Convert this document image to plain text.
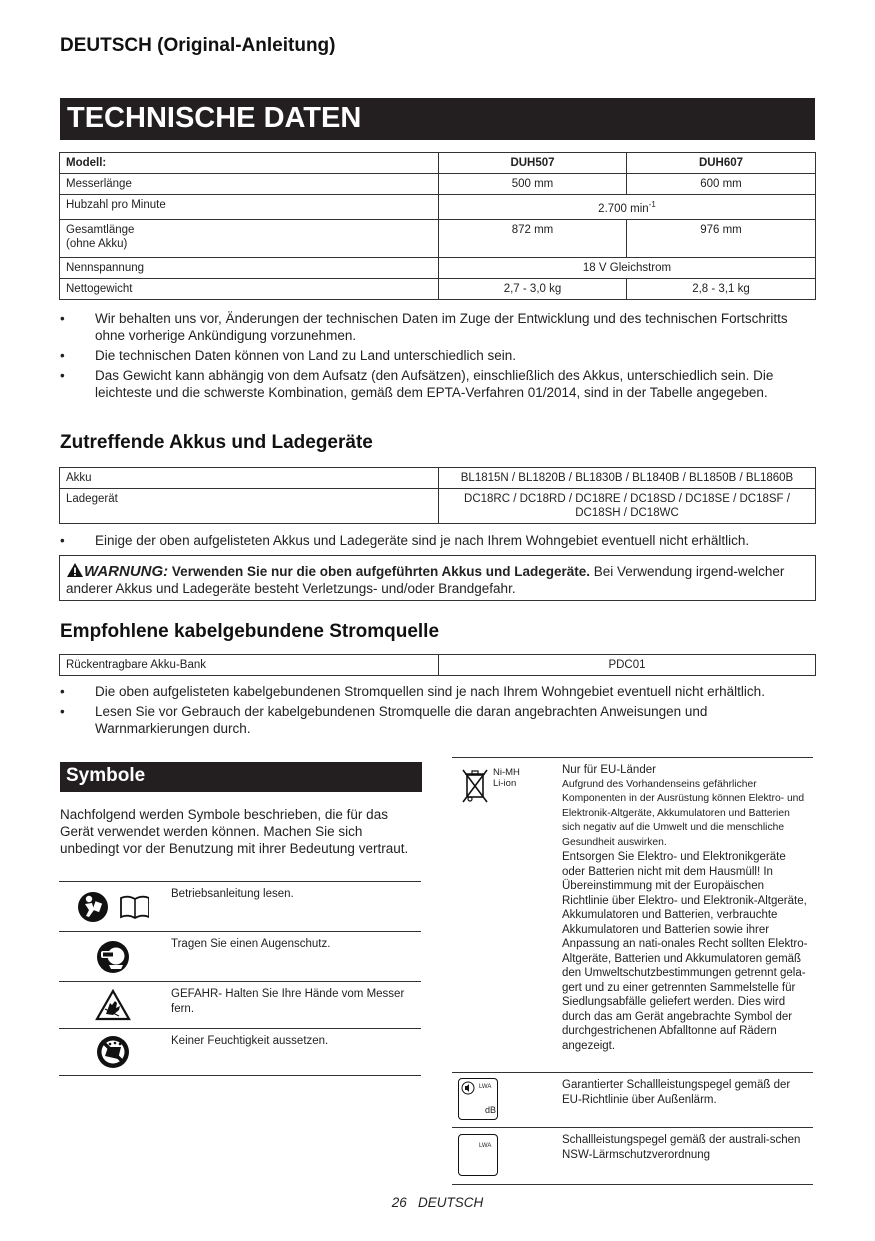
DEUTSCH (Original-Anleitung)
TECHNISCHE DATEN
Modell:	DUH507	DUH607
Messerlänge	500 mm	600 mm
Hubzahl pro Minute	2.700 $\min^{-1}$

Gesamtlänge
(ohne Akku)	872 mm	976 mm
Nennspannung	18 V Gleichstrom	
Nettogewicht	2,7 - 3,0 kg	2,8 - 3,1 kg
• Wir behalten uns vor, Änderungen der technischen Daten im Zuge der Entwicklung und des technischen Fortschritts ohne vorherige Ankündigung vorzunehmen.
• Die technischen Daten können von Land zu Land unterschiedlich sein.
• Das Gewicht kann abhängig von dem Aufsatz (den Aufsätzen), einschließlich des Akkus, unterschiedlich sein. Die leichteste und die schwerste Kombination, gemäß dem EPTA-Verfahren 01/2014, sind in der Tabelle angegeben.
Zutreffende Akkus und Ladegeräte
Akku	BL1815N / BL1820B / BL1830B / BL1840B / BL1850B / BL1860B
Ladegerät	DC18RC / DC18RD / DC18RE / DC18SD / DC18SE / DC18SF /
DC18SH / DC18WC
• Einige der oben aufgelisteten Akkus und Ladegeräte sind je nach Ihrem Wohngebiet eventuell nicht erhältlich.
WARNUNG: Verwenden Sie nur die oben aufgeführten Akkus und Ladegeräte. Bei Verwendung irgend-welcher anderer Akkus und Ladegeräte besteht Verletzungs- und/oder Brandgefahr.
Empfohlene kabelgebundene Stromquelle
Rückentragbare Akku-Bank	PDC01
• Die oben aufgelisteten kabelgebundenen Stromquellen sind je nach Ihrem Wohngebiet eventuell nicht erhältlich.
• Lesen Sie vor Gebrauch der kabelgebundenen Stromquelle die daran angebrachten Anweisungen und Warnmarkierungen durch.
Symbole
Nachfolgend werden Symbole beschrieben, die für das Gerät verwendet werden können. Machen Sie sich unbedingt vor der Benutzung mit ihrer Bedeutung vertraut.
Betriebsanleitung lesen.
Tragen Sie einen Augenschutz.
GEFAHR- Halten Sie Ihre Hände vom Messer fern.
Keiner Feuchtigkeit aussetzen.
Ni-MH
Li-ion
Nur für EU-Länder
Aufgrund des Vorhandenseins gefährlicher Komponenten in der Ausrüstung können Elektro- und Elektronik-Altgeräte, Akkumulatoren und Batterien sich negativ auf die Umwelt und die menschliche Gesundheit auswirken.
Entsorgen Sie Elektro- und Elektronikgeräte oder Batterien nicht mit dem Hausmüll! In Übereinstimmung mit der Europäischen Richtlinie über Elektro- und Elektronik-Altgeräte, Akkumulatoren und Batterien, verbrauchte Akkumulatoren und Batterien sowie ihrer Anpassung an nati-onales Recht sollten Elektro-Altgeräte, Batterien und Akkumulatoren gemäß den Umweltschutzbestimmungen getrennt gela-gert und zu einer getrennten Sammelstelle für Siedlungsabfälle geliefert werden. Dies wird durch das am Gerät angebrachte Symbol der durchgestrichenen Abfalltonne auf Rädern angezeigt.
LWA
dB
Garantierter Schallleistungspegel gemäß der EU-Richtlinie über Außenlärm.
LWA	Schallleistungspegel gemäß der australi-schen NSW-Lärmschutzverordnung
26   DEUTSCH
